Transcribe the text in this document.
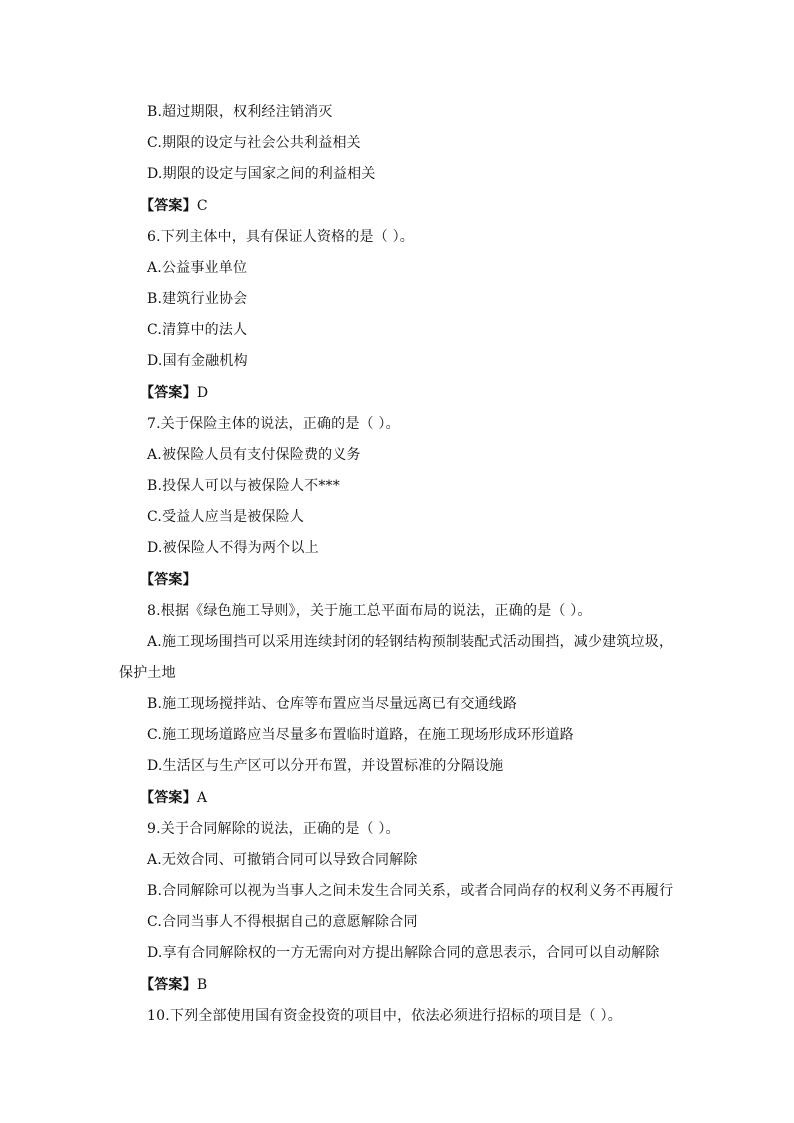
B.超过期限，权利经注销消灭
C.期限的设定与社会公共利益相关
D.期限的设定与国家之间的利益相关
【答案】C
6.下列主体中，具有保证人资格的是（ ）。
A.公益事业单位
B.建筑行业协会
C.清算中的法人
D.国有金融机构
【答案】D
7.关于保险主体的说法，正确的是（ ）。
A.被保险人员有支付保险费的义务
B.投保人可以与被保险人不***
C.受益人应当是被保险人
D.被保险人不得为两个以上
【答案】
8.根据《绿色施工导则》，关于施工总平面布局的说法，正确的是（ ）。
A.施工现场围挡可以采用连续封闭的轻钢结构预制装配式活动围挡，减少建筑垃圾，
保护土地
B.施工现场搅拌站、仓库等布置应当尽量远离已有交通线路
C.施工现场道路应当尽量多布置临时道路，在施工现场形成环形道路
D.生活区与生产区可以分开布置，并设置标准的分隔设施
【答案】A
9.关于合同解除的说法，正确的是（ ）。
A.无效合同、可撤销合同可以导致合同解除
B.合同解除可以视为当事人之间未发生合同关系，或者合同尚存的权利义务不再履行
C.合同当事人不得根据自己的意愿解除合同
D.享有合同解除权的一方无需向对方提出解除合同的意思表示，合同可以自动解除
【答案】B
10.下列全部使用国有资金投资的项目中，依法必须进行招标的项目是（ ）。
